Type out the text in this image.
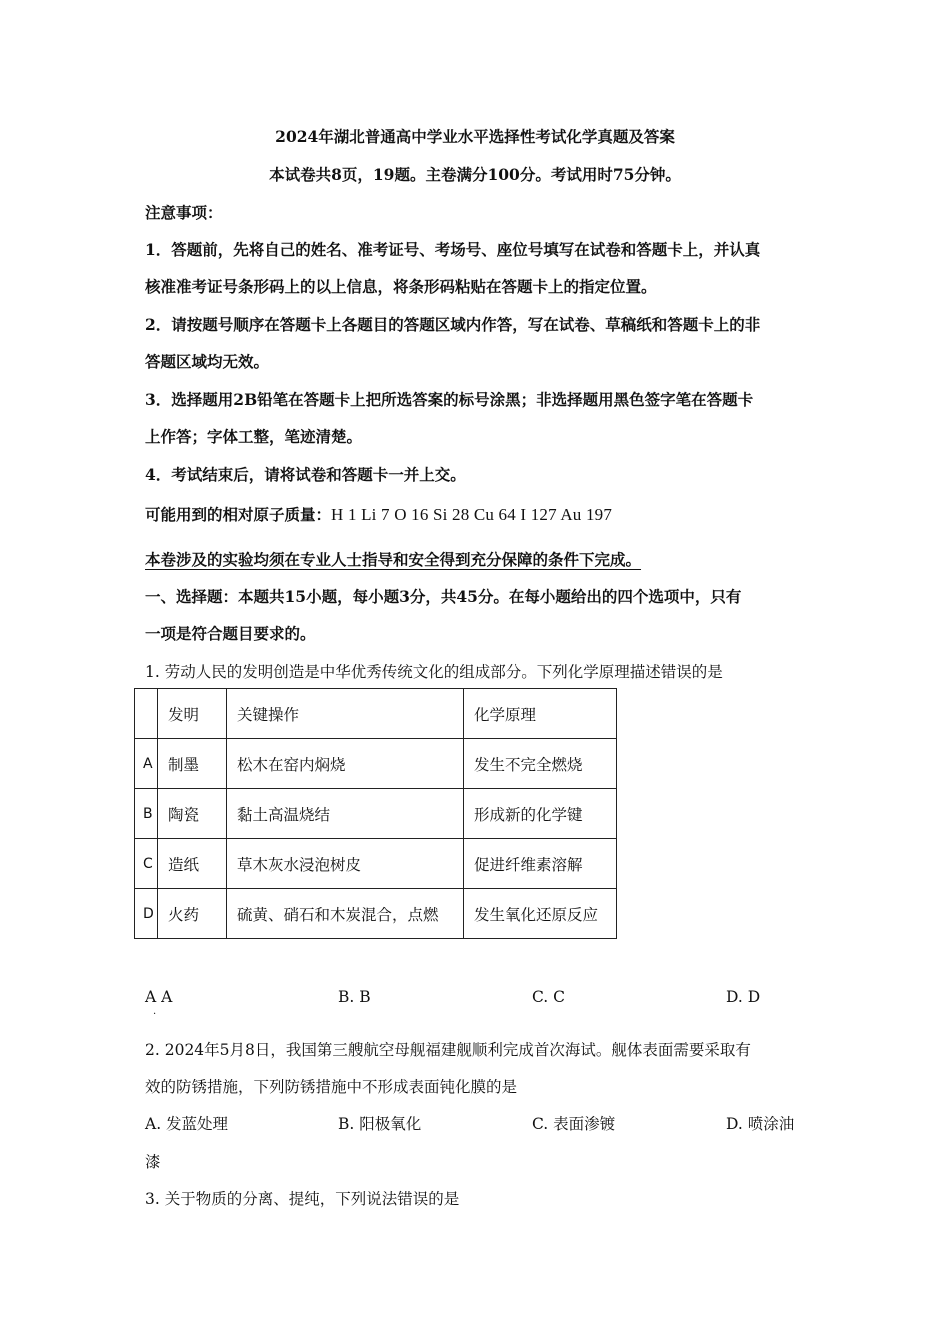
2024年湖北普通高中学业水平选择性考试化学真题及答案
本试卷共8页，19题。主卷满分100分。考试用时75分钟。
注意事项：
1．答题前，先将自己的姓名、准考证号、考场号、座位号填写在试卷和答题卡上，并认真
核准准考证号条形码上的以上信息，将条形码粘贴在答题卡上的指定位置。
2．请按题号顺序在答题卡上各题目的答题区域内作答，写在试卷、草稿纸和答题卡上的非
答题区域均无效。
3．选择题用2B铅笔在答题卡上把所选答案的标号涂黑；非选择题用黑色签字笔在答题卡
上作答；字体工整，笔迹清楚。
4．考试结束后，请将试卷和答题卡一并上交。
可能用到的相对原子质量：H 1 Li 7 O 16 Si 28 Cu 64 I 127 Au 197
本卷涉及的实验均须在专业人士指导和安全得到充分保障的条件下完成。
一、选择题：本题共15小题，每小题3分，共45分。在每小题给出的四个选项中，只有
一项是符合题目要求的。
1. 劳动人民的发明创造是中华优秀传统文化的组成部分。下列化学原理描述错误的是
	发明	关键操作	化学原理
A	制墨	松木在窑内焖烧	发生不完全燃烧
B	陶瓷	黏土高温烧结	形成新的化学键
C	造纸	草木灰水浸泡树皮	促进纤维素溶解
D	火药	硫黄、硝石和木炭混合，点燃	发生氧化还原反应
A A	B. B	C. C	D. D
.
2. 2024年5月8日，我国第三艘航空母舰福建舰顺利完成首次海试。舰体表面需要采取有
效的防锈措施，下列防锈措施中不形成表面钝化膜的是
A. 发蓝处理	B. 阳极氧化	C. 表面渗镀	D. 喷涂油
漆
3. 关于物质的分离、提纯，下列说法错误的是
